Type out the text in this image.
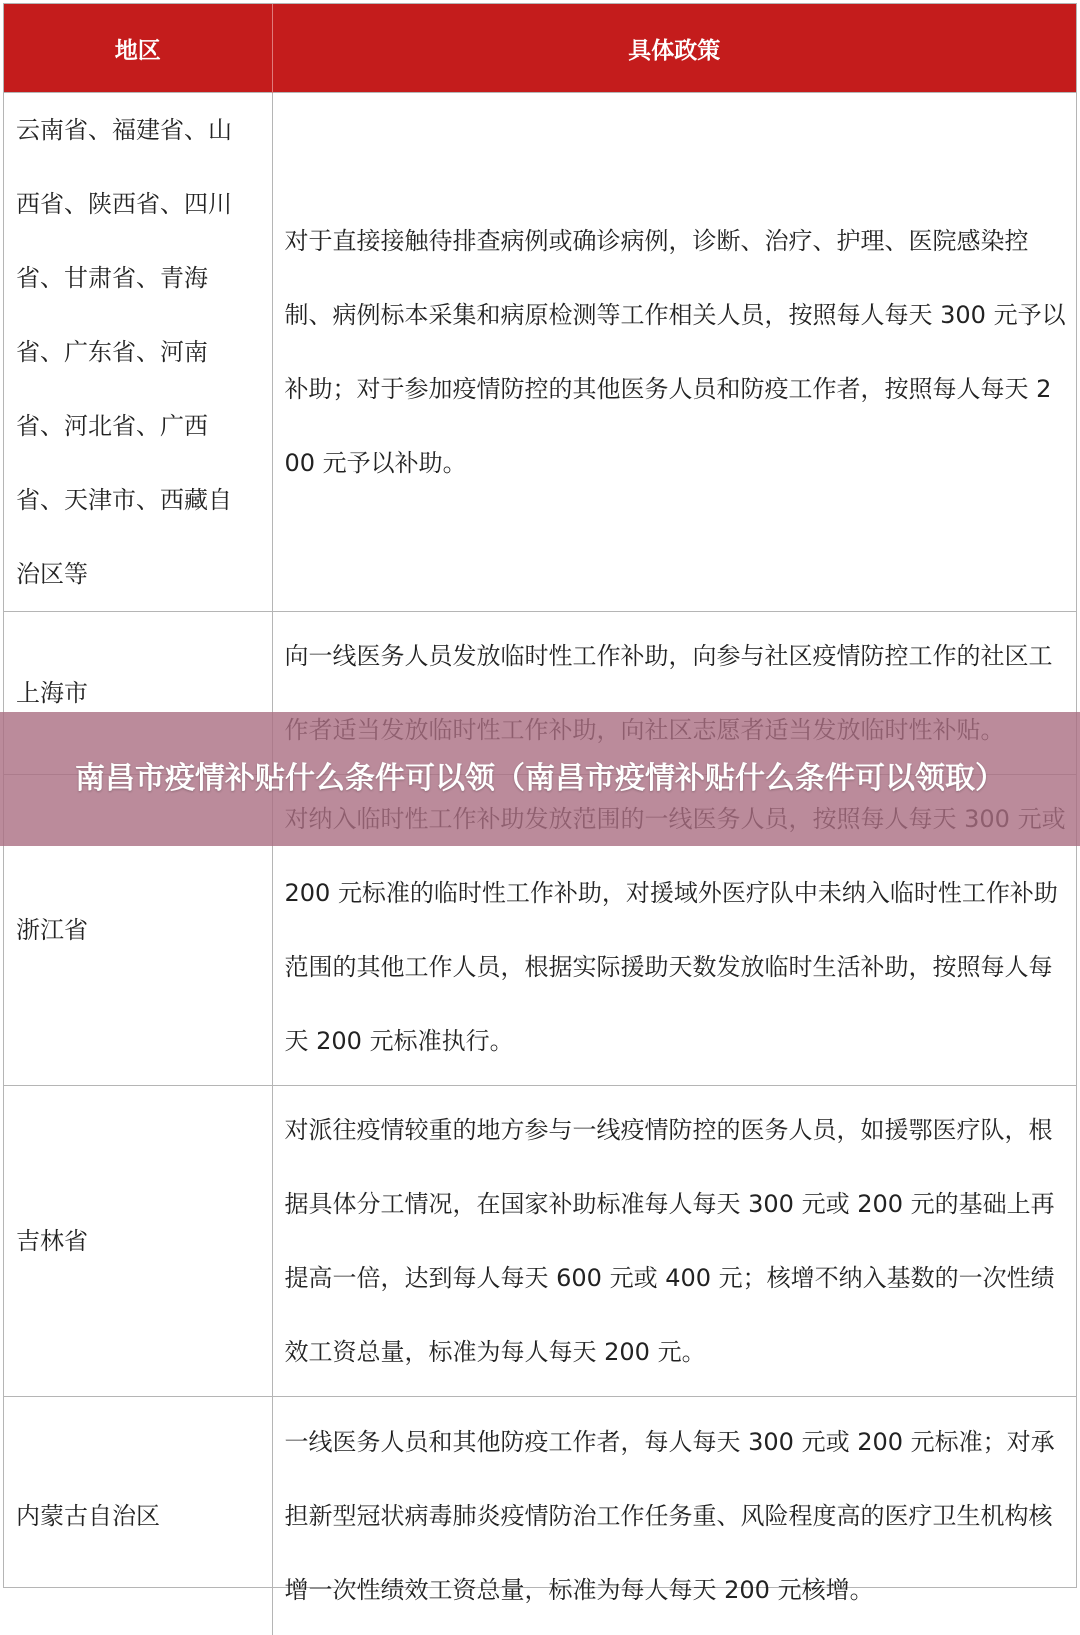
地区	具体政策
云南省、福建省、山西省、陕西省、四川省、甘肃省、青海省、广东省、河南省、河北省、广西省、天津市、西藏自治区等	对于直接接触待排查病例或确诊病例，诊断、治疗、护理、医院感染控制、病例标本采集和病原检测等工作相关人员，按照每人每天 300 元予以补助；对于参加疫情防控的其他医务人员和防疫工作者，按照每人每天 200 元予以补助。
上海市	向一线医务人员发放临时性工作补助，向参与社区疫情防控工作的社区工
浙江省	200 元标准的临时性工作补助，对援域外医疗队中未纳入临时性工作补助范围的其他工作人员，根据实际援助天数发放临时生活补助，按照每人每天 200 元标准执行。
吉林省	对派往疫情较重的地方参与一线疫情防控的医务人员，如援鄂医疗队，根据具体分工情况，在国家补助标准每人每天 300 元或 200 元的基础上再提高一倍，达到每人每天 600 元或 400 元；核增不纳入基数的一次性绩效工资总量，标准为每人每天 200 元。
内蒙古自治区	一线医务人员和其他防疫工作者，每人每天 300 元或 200 元标准；对承担新型冠状病毒肺炎疫情防治工作任务重、风险程度高的医疗卫生机构核增一次性绩效工资总量，标准为每人每天 200 元核增。
南昌市疫情补贴什么条件可以领（南昌市疫情补贴什么条件可以领取）
